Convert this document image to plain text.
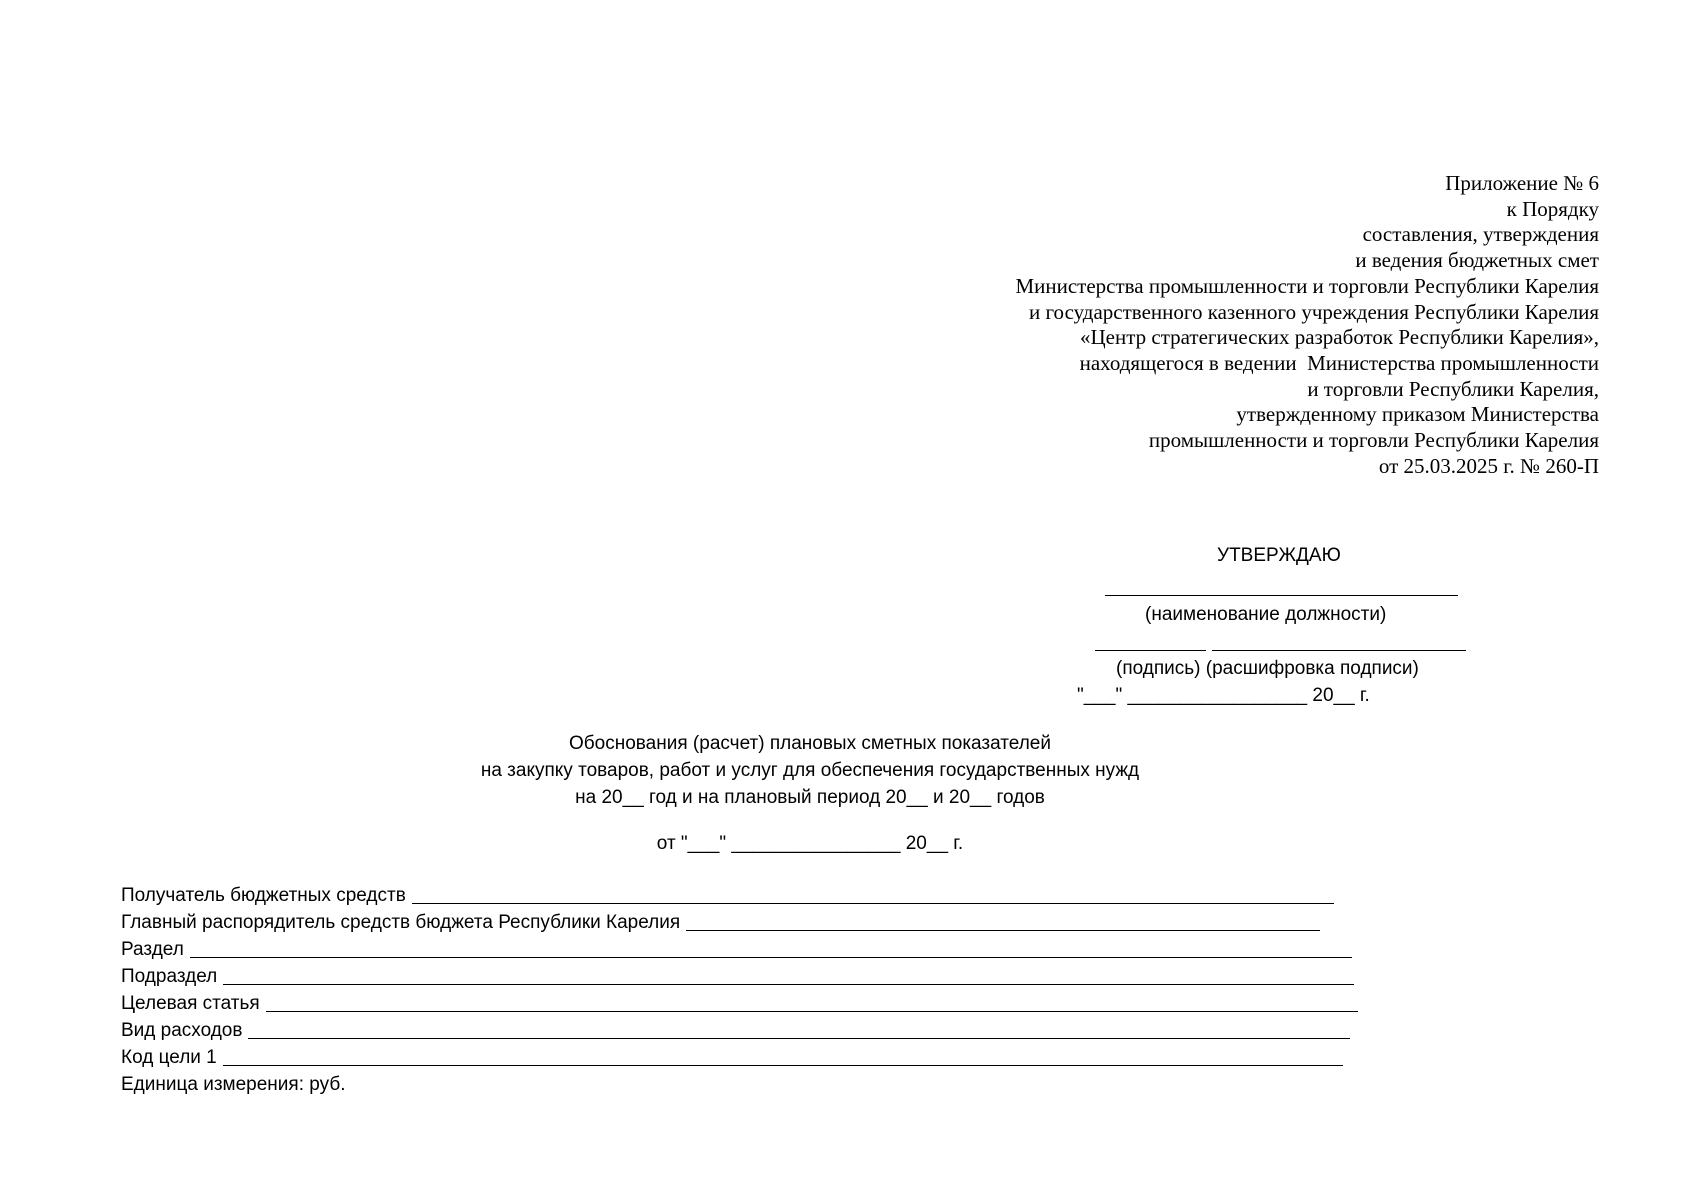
Приложение № 6
к Порядку
составления, утверждения
и ведения бюджетных смет
Министерства промышленности и торговли Республики Карелия
и государственного казенного учреждения Республики Карелия
«Центр стратегических разработок Республики Карелия»,
находящегося в ведении  Министерства промышленности
и торговли Республики Карелия,
утвержденному приказом Министерства
промышленности и торговли Республики Карелия
от 25.03.2025 г. № 260-П
УТВЕРЖДАЮ
(наименование должности)
(подпись) (расшифровка подписи)
"___" _________________ 20__ г.
Обоснования (расчет) плановых сметных показателей
на закупку товаров, работ и услуг для обеспечения государственных нужд
на 20__ год и на плановый период 20__ и 20__ годов
от "___" ________________ 20__ г.
Получатель бюджетных средств
Главный распорядитель средств бюджета Республики Карелия
Раздел
Подраздел
Целевая статья
Вид расходов
Код цели 1
Единица измерения: руб.
